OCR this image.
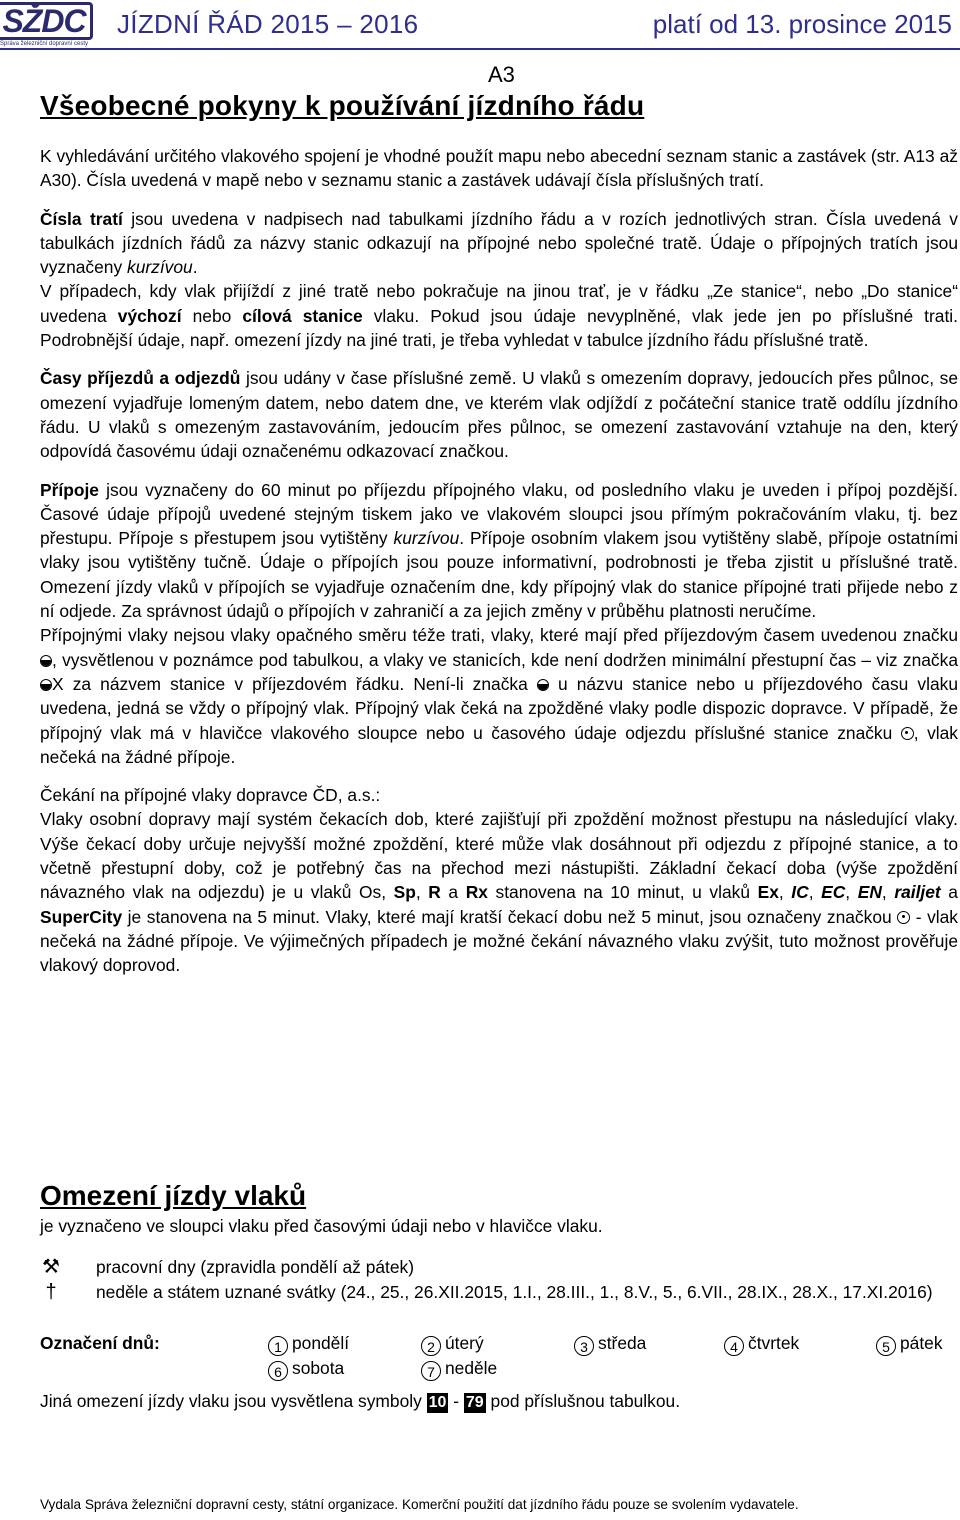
SŽDC
Správa železniční dopravní cesty
JÍZDNÍ ŘÁD 2015 – 2016	platí od 13. prosince 2015
A3
Všeobecné pokyny k používání jízdního řádu

K vyhledávání určitého vlakového spojení je vhodné použít mapu nebo abecední seznam stanic a zastávek (str. A13 až A30). Čísla uvedená v mapě nebo v seznamu stanic a zastávek udávají čísla příslušných tratí.

Čísla tratí jsou uvedena v nadpisech nad tabulkami jízdního řádu a v rozích jednotlivých stran. Čísla uvedená v tabulkách jízdních řádů za názvy stanic odkazují na přípojné nebo společné tratě. Údaje o přípojných tratích jsou vyznačeny kurzívou.

V případech, kdy vlak přijíždí z jiné tratě nebo pokračuje na jinou trať, je v řádku „Ze stanice“, nebo „Do stanice“ uvedena výchozí nebo cílová stanice vlaku. Pokud jsou údaje nevyplněné, vlak jede jen po příslušné trati. Podrobnější údaje, např. omezení jízdy na jiné trati, je třeba vyhledat v tabulce jízdního řádu příslušné tratě.

Časy příjezdů a odjezdů jsou udány v čase příslušné země. U vlaků s omezením dopravy, jedoucích přes půlnoc, se omezení vyjadřuje lomeným datem, nebo datem dne, ve kterém vlak odjíždí z počáteční stanice tratě oddílu jízdního řádu. U vlaků s omezeným zastavováním, jedoucím přes půlnoc, se omezení zastavování vztahuje na den, který odpovídá časovému údaji označenému odkazovací značkou.

Přípoje jsou vyznačeny do 60 minut po příjezdu přípojného vlaku, od posledního vlaku je uveden i přípoj pozdější. Časové údaje přípojů uvedené stejným tiskem jako ve vlakovém sloupci jsou přímým pokračováním vlaku, tj. bez přestupu. Přípoje s přestupem jsou vytištěny kurzívou. Přípoje osobním vlakem jsou vytištěny slabě, přípoje ostatními vlaky jsou vytištěny tučně. Údaje o přípojích jsou pouze informativní, podrobnosti je třeba zjistit u příslušné tratě. Omezení jízdy vlaků v přípojích se vyjadřuje označením dne, kdy přípojný vlak do stanice přípojné trati přijede nebo z ní odjede. Za správnost údajů o přípojích v zahraničí a za jejich změny v průběhu platnosti neručíme.

Přípojnými vlaky nejsou vlaky opačného směru téže trati, vlaky, které mají před příjezdovým časem uvedenou značku , vysvětlenou v poznámce pod tabulkou, a vlaky ve stanicích, kde není dodržen minimální přestupní čas – viz značka X za názvem stanice v příjezdovém řádku. Není-li značka  u názvu stanice nebo u příjezdového času vlaku uvedena, jedná se vždy o přípojný vlak. Přípojný vlak čeká na zpožděné vlaky podle dispozic dopravce. V případě, že přípojný vlak má v hlavičce vlakového sloupce nebo u časového údaje odjezdu příslušné stanice značku , vlak nečeká na žádné přípoje.

Čekání na přípojné vlaky dopravce ČD, a.s.:

Vlaky osobní dopravy mají systém čekacích dob, které zajišťují při zpoždění možnost přestupu na následující vlaky. Výše čekací doby určuje nejvyšší možné zpoždění, které může vlak dosáhnout při odjezdu z přípojné stanice, a to včetně přestupní doby, což je potřebný čas na přechod mezi nástupišti. Základní čekací doba (výše zpoždění návazného vlak na odjezdu) je u vlaků Os, Sp, R a Rx stanovena na 10 minut, u vlaků Ex, IC, EC, EN, railjet a SuperCity je stanovena na 5 minut. Vlaky, které mají kratší čekací dobu než 5 minut, jsou označeny značkou  - vlak nečeká na žádné přípoje. Ve výjimečných případech je možné čekání návazného vlaku zvýšit, tuto možnost prověřuje vlakový doprovod.

Omezení jízdy vlaků

je vyznačeno ve sloupci vlaku před časovými údaji nebo v hlavičce vlaku.

⚒ pracovní dny (zpravidla pondělí až pátek)
†	neděle a státem uznané svátky (24., 25., 26.XII.2015, 1.I., 28.III., 1., 8.V., 5., 6.VII., 28.IX., 28.X., 17.XI.2016)
Označení dnů:	1 pondělí	2 úterý	3 středa	4 čtvrtek	5 pátek
6 sobota	7 neděle
Jiná omezení jízdy vlaku jsou vysvětlena symboly 10 - 79 pod příslušnou tabulkou.
Vydala Správa železniční dopravní cesty, státní organizace. Komerční použití dat jízdního řádu pouze se svolením vydavatele.
